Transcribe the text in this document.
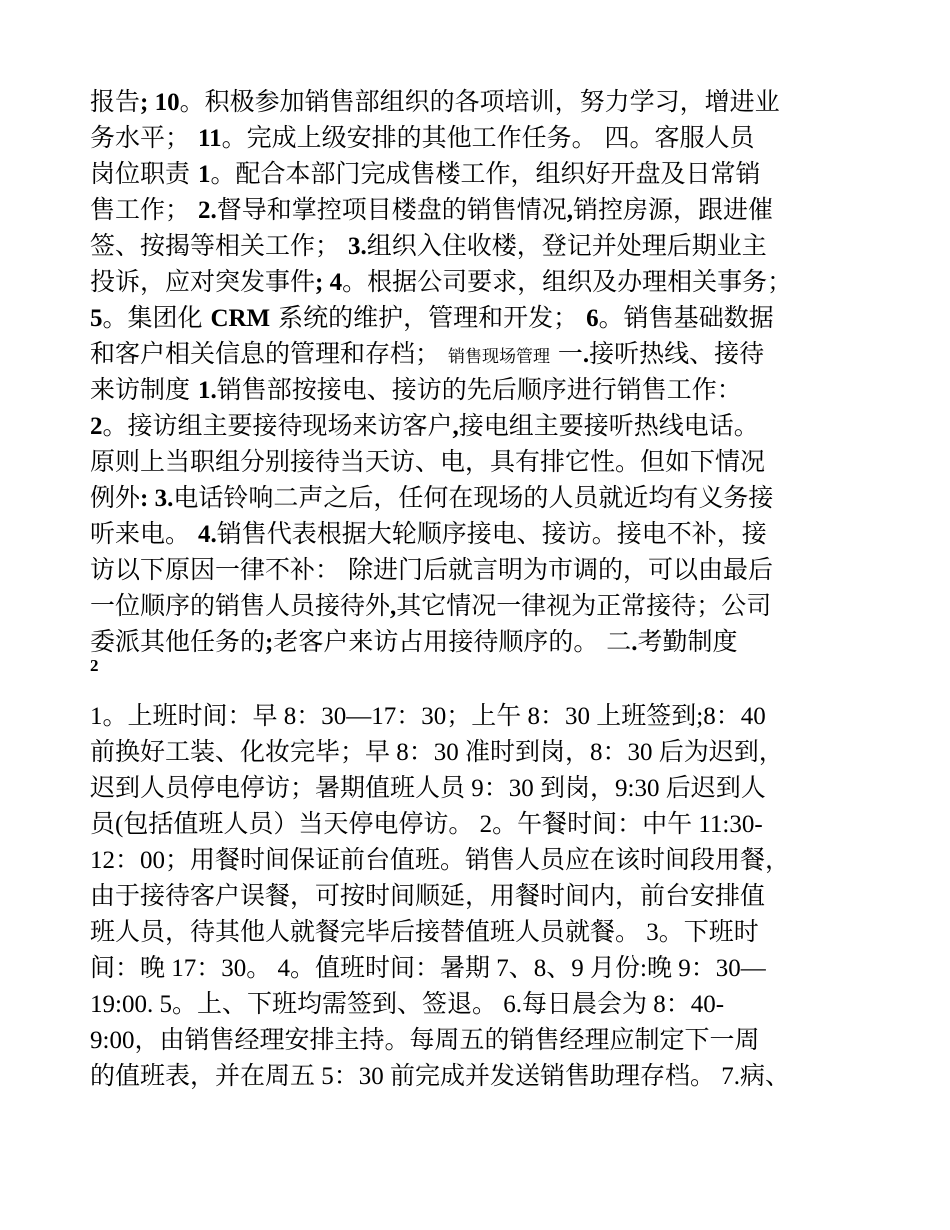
报告; 10。积极参加销售部组织的各项培训，努力学习，增进业
务水平； 11。完成上级安排的其他工作任务。 四。客服人员
岗位职责 1。配合本部门完成售楼工作，组织好开盘及日常销
售工作； 2.督导和掌控项目楼盘的销售情况,销控房源，跟进催
签、按揭等相关工作； 3.组织入住收楼，登记并处理后期业主
投诉，应对突发事件; 4。根据公司要求，组织及办理相关事务；
5。集团化 CRM 系统的维护，管理和开发； 6。销售基础数据
和客户相关信息的管理和存档； 销售现场管理 一.接听热线、接待
来访制度 1.销售部按接电、接访的先后顺序进行销售工作：
2。接访组主要接待现场来访客户,接电组主要接听热线电话。
原则上当职组分别接待当天访、电，具有排它性。但如下情况
例外: 3.电话铃响二声之后，任何在现场的人员就近均有义务接
听来电。 4.销售代表根据大轮顺序接电、接访。接电不补，接
访以下原因一律不补： 除进门后就言明为市调的，可以由最后
一位顺序的销售人员接待外,其它情况一律视为正常接待；公司
委派其他任务的;老客户来访占用接待顺序的。 二.考勤制度
2
1。上班时间：早 8：30—17：30；上午 8：30 上班签到;8：40
前换好工装、化妆完毕；早 8：30 准时到岗，8：30 后为迟到，
迟到人员停电停访；暑期值班人员 9：30 到岗，9:30 后迟到人
员(包括值班人员）当天停电停访。 2。午餐时间：中午 11:30-
12：00；用餐时间保证前台值班。销售人员应在该时间段用餐，
由于接待客户误餐，可按时间顺延，用餐时间内，前台安排值
班人员，待其他人就餐完毕后接替值班人员就餐。 3。下班时
间：晚 17：30。 4。值班时间：暑期 7、8、9 月份:晚 9：30—
19:00. 5。上、下班均需签到、签退。 6.每日晨会为 8：40-
9:00，由销售经理安排主持。每周五的销售经理应制定下一周
的值班表，并在周五 5：30 前完成并发送销售助理存档。 7.病、
